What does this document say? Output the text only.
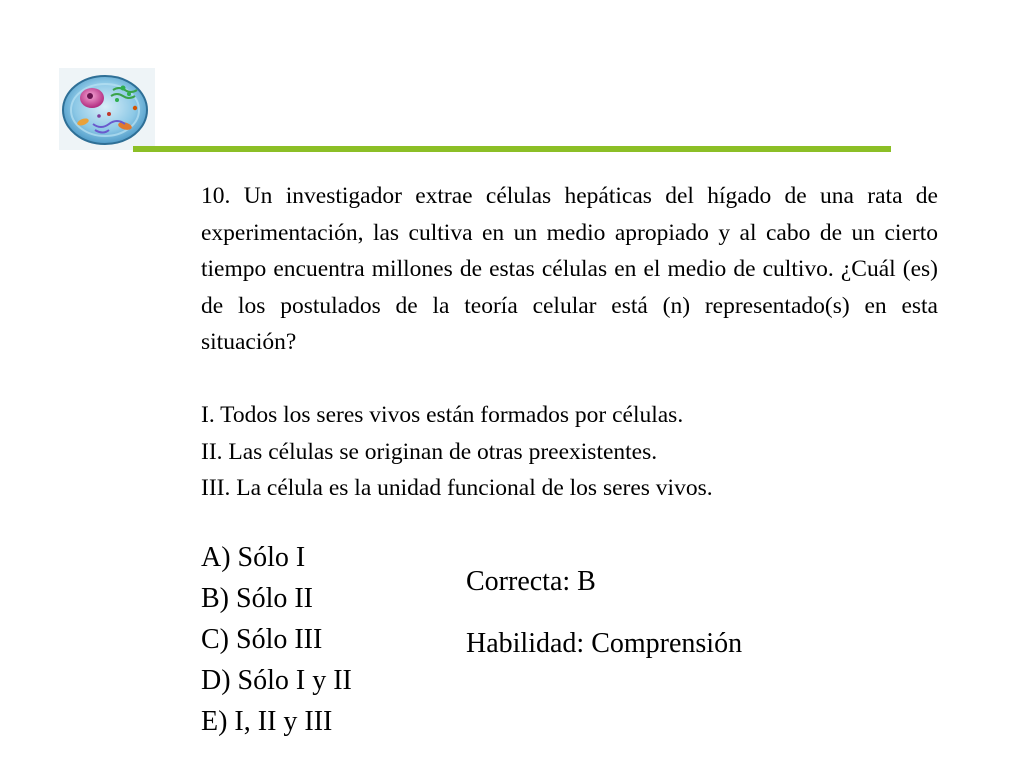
10. Un investigador extrae células hepáticas del hígado de una rata de experimentación, las cultiva en un medio apropiado y al cabo de un cierto tiempo encuentra millones de estas células en el medio de cultivo. ¿Cuál (es) de los postulados de la teoría celular está (n) representado(s) en esta situación?

I. Todos los seres vivos están formados por células.
II. Las células se originan de otras preexistentes.
III. La célula es la unidad funcional de los seres vivos.
A) Sólo I
B) Sólo II
C) Sólo III
D) Sólo I y II
E) I, II y III
Correcta: B
Habilidad: Comprensión
